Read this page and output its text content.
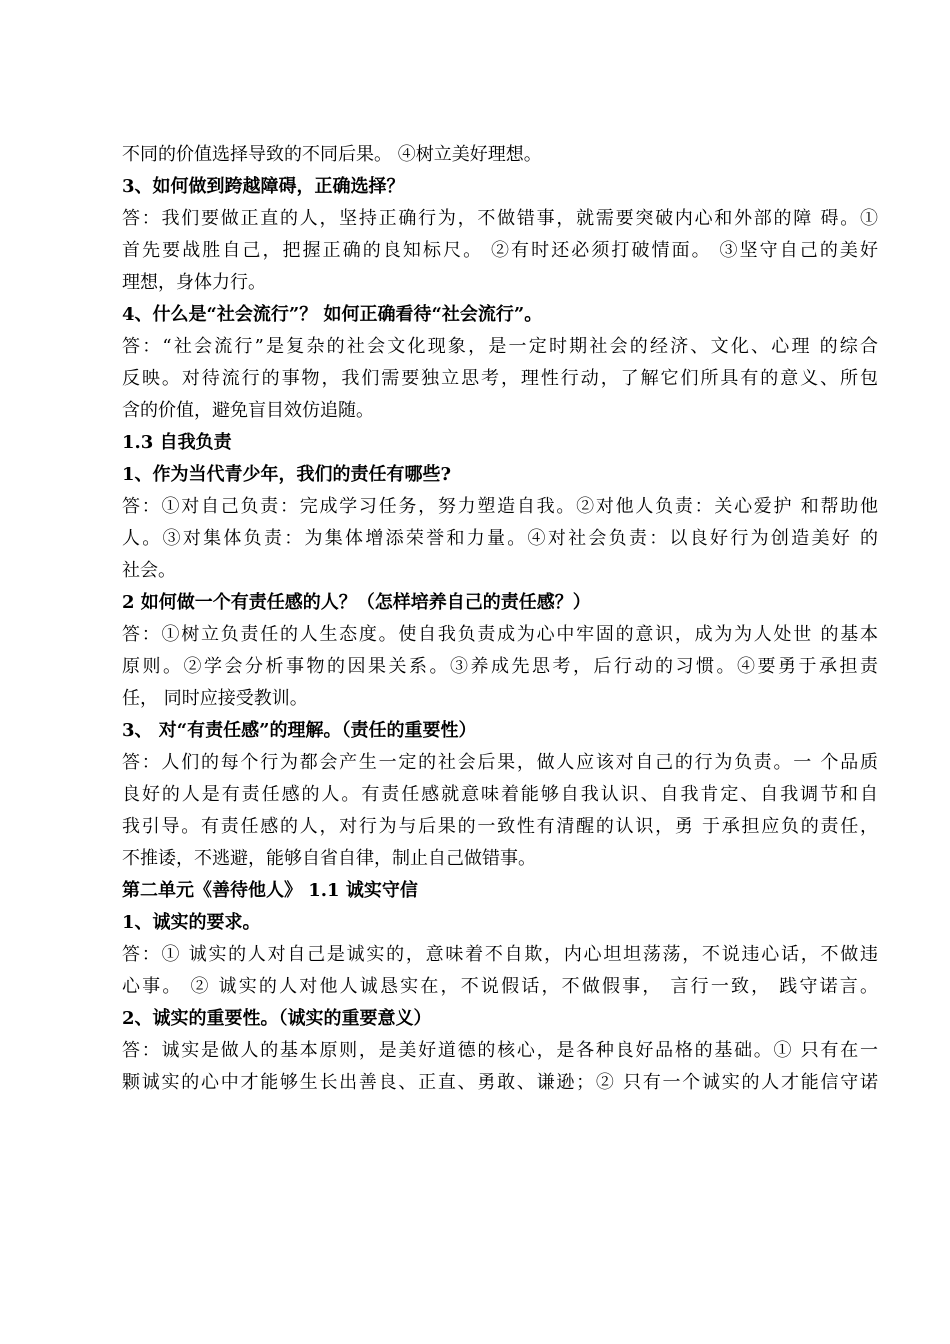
不同的价值选择导致的不同后果。 ④树立美好理想。
3、如何做到跨越障碍，正确选择？
答：我们要做正直的人，坚持正确行为，不做错事，就需要突破内心和外部的障 碍。①
首先要战胜自己，把握正确的良知标尺。 ②有时还必须打破情面。 ③坚守自己的美好
理想，身体力行。
4、什么是“社会流行”？ 如何正确看待“社会流行”。
答：“社会流行”是复杂的社会文化现象，是一定时期社会的经济、文化、心理 的综合
反映。对待流行的事物，我们需要独立思考，理性行动，了解它们所具有的意义、所包
含的价值，避免盲目效仿追随。
1.3 自我负责
1、作为当代青少年，我们的责任有哪些?
答：①对自己负责：完成学习任务，努力塑造自我。②对他人负责：关心爱护 和帮助他
人。③对集体负责：为集体增添荣誉和力量。④对社会负责：以良好行为创造美好 的
社会。
2 如何做一个有责任感的人？（怎样培养自己的责任感？）
答：①树立负责任的人生态度。使自我负责成为心中牢固的意识，成为为人处世 的基本
原则。②学会分析事物的因果关系。③养成先思考，后行动的习惯。④要勇于承担责
任， 同时应接受教训。
3、 对“有责任感”的理解。（责任的重要性）
答：人们的每个行为都会产生一定的社会后果，做人应该对自己的行为负责。一 个品质
良好的人是有责任感的人。有责任感就意味着能够自我认识、自我肯定、自我调节和自
我引导。有责任感的人，对行为与后果的一致性有清醒的认识，勇 于承担应负的责任，
不推诿，不逃避，能够自省自律，制止自己做错事。
第二单元《善待他人》 1.1 诚实守信
1、诚实的要求。
答：① 诚实的人对自己是诚实的，意味着不自欺，内心坦坦荡荡，不说违心话，不做违
心事。 ② 诚实的人对他人诚恳实在，不说假话，不做假事， 言行一致， 践守诺言。
2、诚实的重要性。（诚实的重要意义）
答：诚实是做人的基本原则，是美好道德的核心，是各种良好品格的基础。① 只有在一
颗诚实的心中才能够生长出善良、正直、勇敢、谦逊；② 只有一个诚实的人才能信守诺
